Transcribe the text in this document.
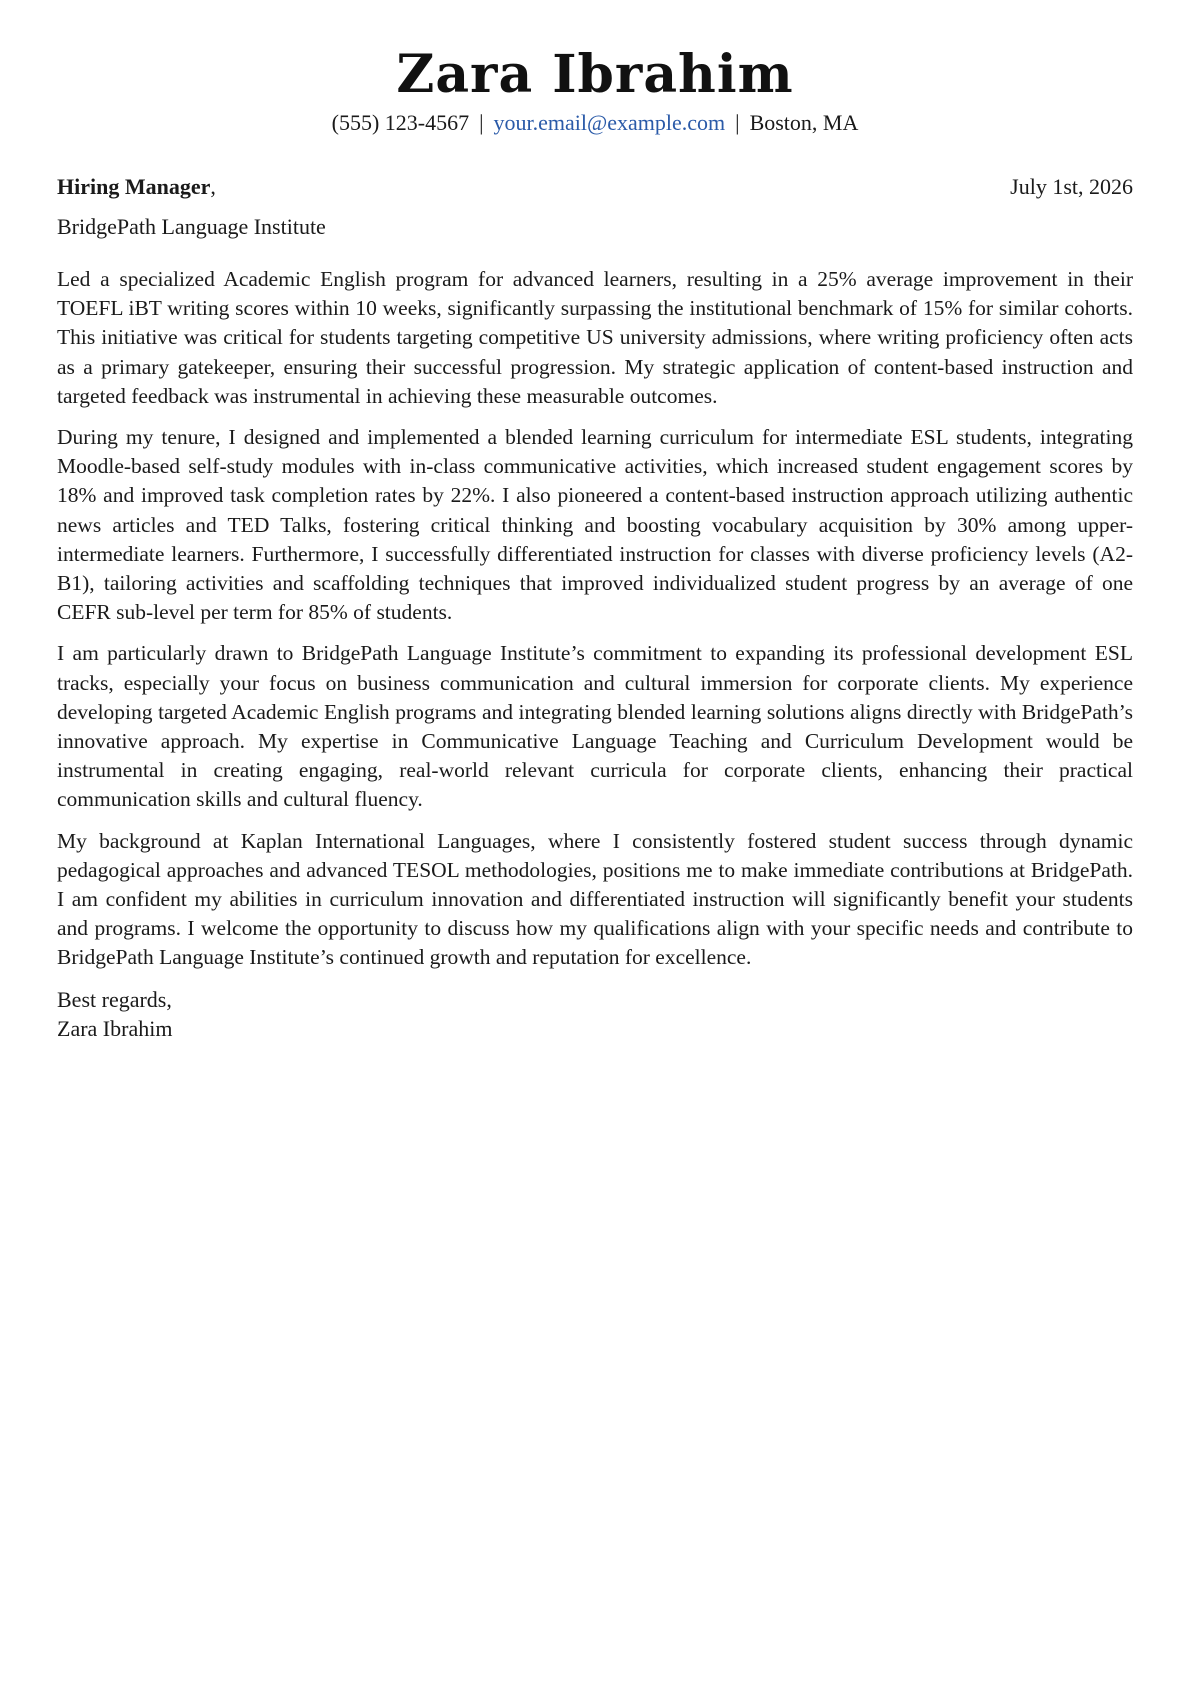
Zara Ibrahim
(555) 123-4567 | your.email@example.com | Boston, MA
Hiring Manager,	July 1st, 2026
BridgePath Language Institute

Led a specialized Academic English program for advanced learners, resulting in a 25% average improvement in their TOEFL iBT writing scores within 10 weeks, significantly surpassing the institutional benchmark of 15% for similar cohorts. This initiative was critical for students targeting competitive US university admissions, where writing proficiency often acts as a primary gatekeeper, ensuring their successful progression. My strategic application of content-based instruction and targeted feedback was instrumental in achieving these measurable outcomes.

During my tenure, I designed and implemented a blended learning curriculum for intermediate ESL students, integrating Moodle-based self-study modules with in-class communicative activities, which increased student engagement scores by 18% and improved task completion rates by 22%. I also pioneered a content-based instruction approach utilizing authentic news articles and TED Talks, fostering critical thinking and boosting vocabulary acquisition by 30% among upper-intermediate learners. Furthermore, I successfully differentiated instruction for classes with diverse proficiency levels (A2-B1), tailoring activities and scaffolding techniques that improved individualized student progress by an average of one CEFR sub-level per term for 85% of students.

I am particularly drawn to BridgePath Language Institute’s commitment to expanding its professional development ESL tracks, especially your focus on business communication and cultural immersion for corporate clients. My experience developing targeted Academic English programs and integrating blended learning solutions aligns directly with BridgePath’s innovative approach. My expertise in Communicative Language Teaching and Curriculum Development would be instrumental in creating engaging, real-world relevant curricula for corporate clients, enhancing their practical communication skills and cultural fluency.

My background at Kaplan International Languages, where I consistently fostered student success through dynamic pedagogical approaches and advanced TESOL methodologies, positions me to make immediate contributions at BridgePath. I am confident my abilities in curriculum innovation and differentiated instruction will significantly benefit your students and programs. I welcome the opportunity to discuss how my qualifications align with your specific needs and contribute to BridgePath Language Institute’s continued growth and reputation for excellence.

Best regards,
Zara Ibrahim
